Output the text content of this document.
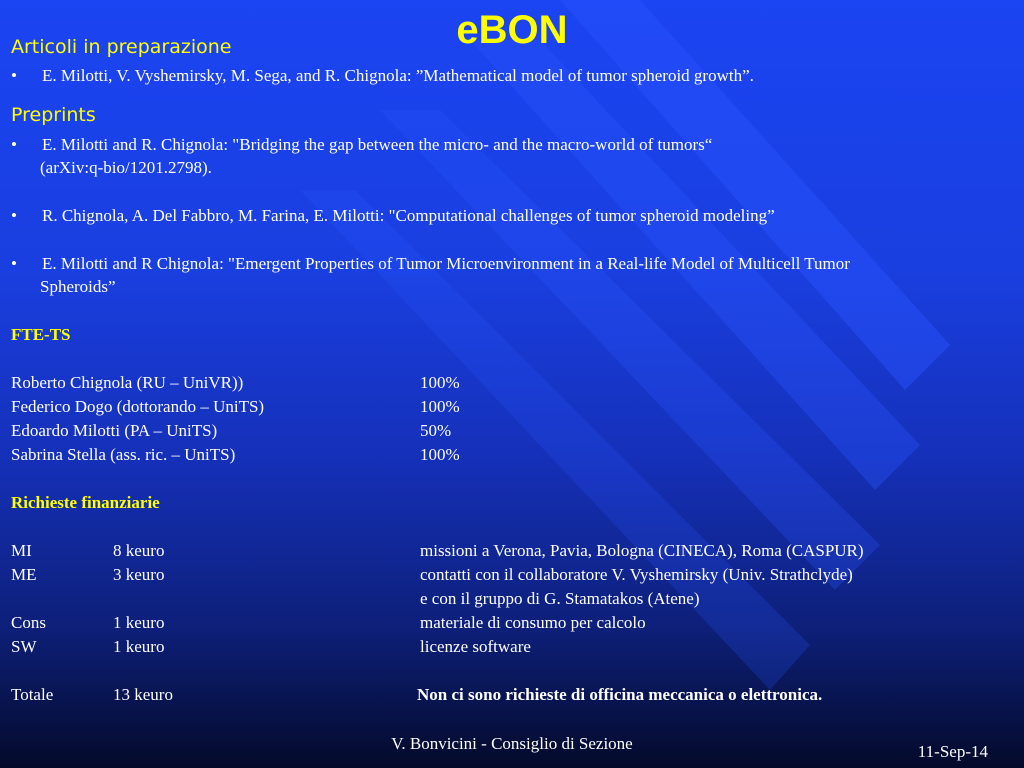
eBON
Articoli in preparazione
• E. Milotti, V. Vyshemirsky, M. Sega, and R. Chignola: ”Mathematical model of tumor spheroid growth”.
Preprints
• E. Milotti and R. Chignola: "Bridging the gap between the micro- and the macro-world of tumors“
(arXiv:q-bio/1201.2798).
• R. Chignola, A. Del Fabbro, M. Farina, E. Milotti: "Computational challenges of tumor spheroid modeling”
• E. Milotti and R Chignola: "Emergent Properties of Tumor Microenvironment in a Real-life Model of Multicell Tumor
Spheroids”
FTE-TS
Roberto Chignola (RU – UniVR))	100%
Federico Dogo (dottorando – UniTS)	100%
Edoardo Milotti (PA – UniTS)	50%
Sabrina Stella (ass. ric. – UniTS)	100%
Richieste finanziarie
MI	8 keuro	missioni a Verona, Pavia, Bologna (CINECA), Roma (CASPUR)
ME	3 keuro	contatti con il collaboratore V. Vyshemirsky (Univ. Strathclyde)
e con il gruppo di G. Stamatakos (Atene)
Cons	1 keuro	materiale di consumo per calcolo
SW	1 keuro	licenze software
Totale	13 keuro	Non ci sono richieste di officina meccanica o elettronica.
V. Bonvicini - Consiglio di Sezione	11-Sep-14
